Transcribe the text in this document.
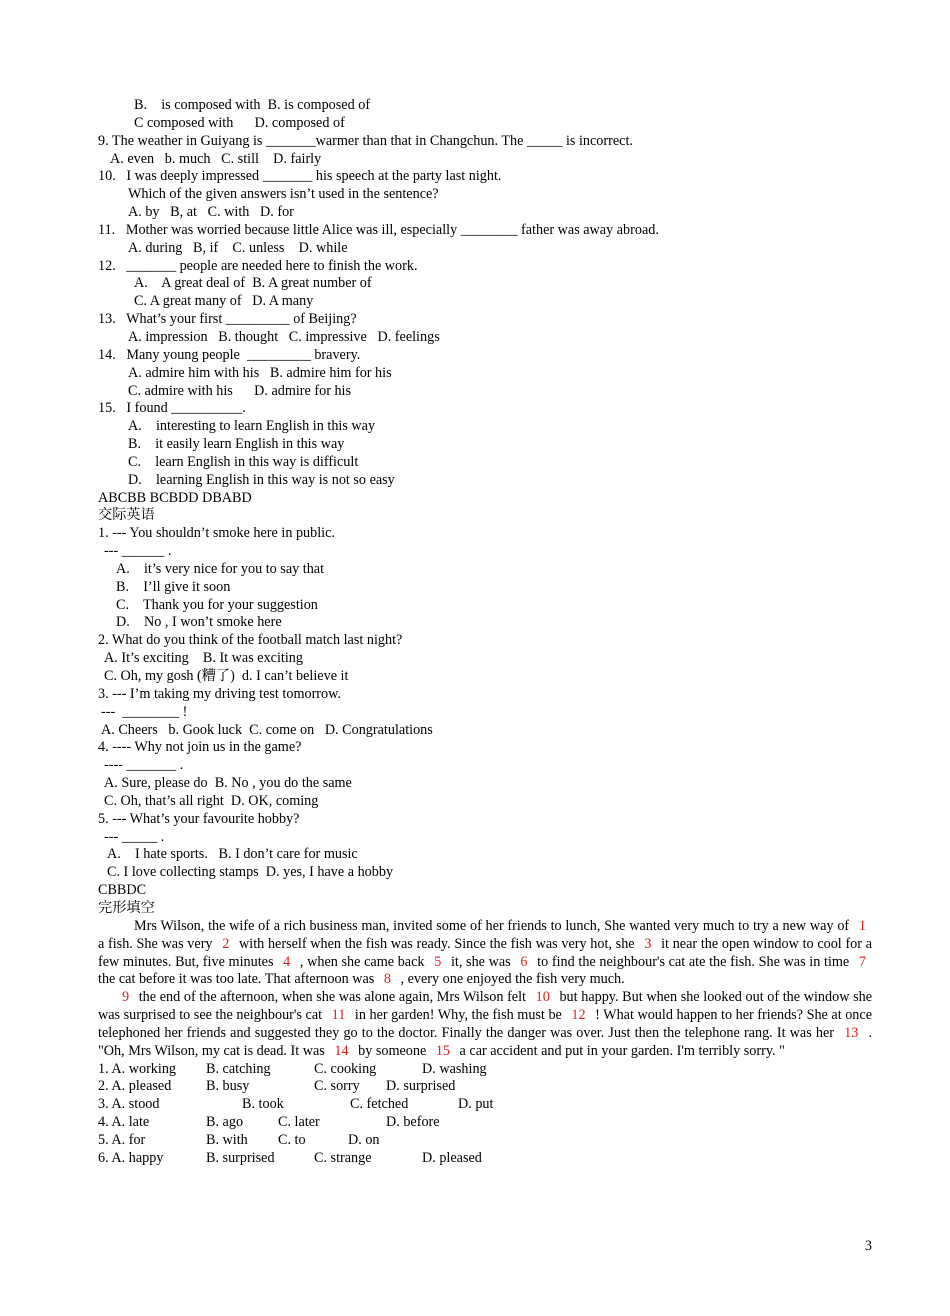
B.    is composed with  B. is composed of
C composed with      D. composed of
9. The weather in Guiyang is _______warmer than that in Changchun. The _____ is incorrect.
A. even   b. much   C. still    D. fairly
10.   I was deeply impressed _______ his speech at the party last night.
Which of the given answers isn’t used in the sentence?
A. by   B, at   C. with   D. for
11.   Mother was worried because little Alice was ill, especially ________ father was away abroad.
A. during   B, if    C. unless    D. while
12.   _______ people are needed here to finish the work.
A.    A great deal of  B. A great number of
C. A great many of   D. A many
13.   What’s your first _________ of Beijing?
A. impression   B. thought   C. impressive   D. feelings
14.   Many young people  _________ bravery.
A. admire him with his   B. admire him for his
C. admire with his      D. admire for his
15.   I found __________.
A.    interesting to learn English in this way
B.    it easily learn English in this way
C.    learn English in this way is difficult
D.    learning English in this way is not so easy
ABCBB BCBDD DBABD
交际英语
1. --- You shouldn’t smoke here in public.
--- ______ .
A.    it’s very nice for you to say that
B.    I’ll give it soon
C.    Thank you for your suggestion
D.    No , I won’t smoke here
2. What do you think of the football match last night?
A. It’s exciting    B. It was exciting
C. Oh, my gosh (糟了)  d. I can’t believe it
3. --- I’m taking my driving test tomorrow.
---  ________ !
A. Cheers   b. Gook luck  C. come on   D. Congratulations
4. ---- Why not join us in the game?
---- _______ .
A. Sure, please do  B. No , you do the same
C. Oh, that’s all right  D. OK, coming
5. --- What’s your favourite hobby?
--- _____ .
A.    I hate sports.   B. I don’t care for music
C. I love collecting stamps  D. yes, I have a hobby
CBBDC
完形填空
Mrs Wilson, the wife of a rich business man, invited some of her friends to lunch, She wanted very much to try a new way of 1 a fish. She was very 2 with herself when the fish was ready. Since the fish was very hot, she 3 it near the open window to cool for a few minutes. But, five minutes 4 , when she came back 5 it, she was 6 to find the neighbour's cat ate the fish. She was in time 7 the cat before it was too late. That afternoon was 8 , every one enjoyed the fish very much.
9 the end of the afternoon, when she was alone again, Mrs Wilson felt 10 but happy. But when she looked out of the window she was surprised to see the neighbour's cat 11 in her garden! Why, the fish must be 12 ! What would happen to her friends? She at once telephoned her friends and suggested they go to the doctor. Finally the danger was over. Just then the telephone rang. It was her 13 . "Oh, Mrs Wilson, my cat is dead. It was 14 by someone 15 a car accident and put in your garden. I'm terribly sorry. "
1. A. working B. catching	C. cooking	D. washing
2. A. pleased B. busy	C. sorry D. surprised
3. A. stood	B. took	C. fetched	D. put
4. A. late	B. ago C. later	D. before
5. A. for	B. with C. to	D. on
6. A. happy	B. surprised	C. strange	D. pleased
3
